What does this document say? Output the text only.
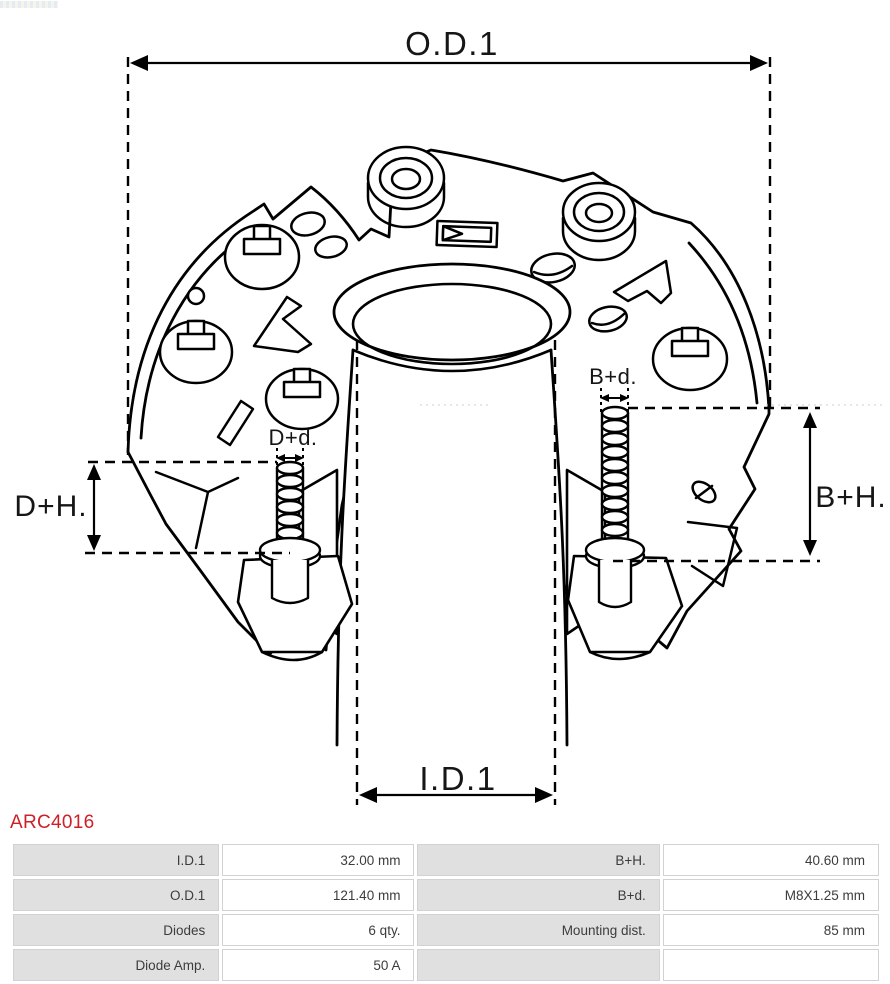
O.D.1
I.D.1
D+H.	B+H.
B+d.
D+d.
ARC4016
I.D.1	32.00 mm	B+H.	40.60 mm
O.D.1	121.40 mm	B+d.	M8X1.25 mm
Diodes	6 qty.	Mounting dist.	85 mm
Diode Amp.	50 A		
